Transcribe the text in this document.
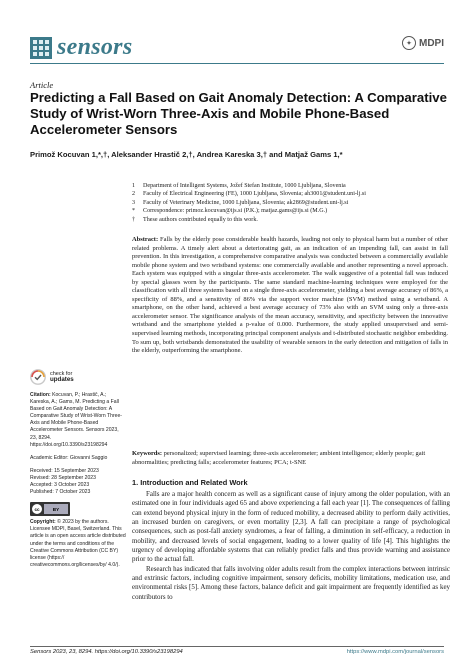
sensors	✦ MDPI
Article
Predicting a Fall Based on Gait Anomaly Detection: A Comparative Study of Wrist-Worn Three-Axis and Mobile Phone-Based Accelerometer Sensors
Primož Kocuvan 1,*,†, Aleksander Hrastič 2,†, Andrea Kareska 3,† and Matjaž Gams 1,*
1	Department of Intelligent Systems, Jožef Stefan Institute, 1000 Ljubljana, Slovenia
2	Faculty of Electrical Engineering (FE), 1000 Ljubljana, Slovenia; ah3001@student.uni-lj.si
3	Faculty of Veterinary Medicine, 1000 Ljubljana, Slovenia; ak2869@student.uni-lj.si
*	Correspondence: primoz.kocuvan@ijs.si (P.K.); matjaz.gams@ijs.si (M.G.)
†	These authors contributed equally to this work.
Abstract: Falls by the elderly pose considerable health hazards, leading not only to physical harm but a number of other related problems. A timely alert about a deteriorating gait, as an indication of an impending fall, can assist in fall prevention. In this investigation, a comprehensive comparative analysis was conducted between a commercially available mobile phone system and two wristband systems: one commercially available and another representing a novel approach. Each system was equipped with a singular three-axis accelerometer. The walk suggestive of a potential fall was induced by special glasses worn by the participants. The same standard machine-learning techniques were employed for the classification with all three systems based on a single three-axis accelerometer, yielding a best average accuracy of 86%, a specificity of 88%, and a sensitivity of 86% via the support vector machine (SVM) method using a wristband. A smartphone, on the other hand, achieved a best average accuracy of 73% also with an SVM using only a three-axis accelerometer sensor. The significance analysis of the mean accuracy, sensitivity, and specificity between the innovative wristband and the smartphone yielded a p-value of 0.000. Furthermore, the study applied unsupervised and semi-supervised learning methods, incorporating principal component analysis and t-distributed stochastic neighbor embedding. To sum up, both wristbands demonstrated the usability of wearable sensors in the early detection and mitigation of falls in the elderly, outperforming the smartphone.
Keywords: personalized; supervised learning; three-axis accelerometer; ambient intelligence; elderly people; gait abnormalities; predicting falls; accelerometer features; PCA; t-SNE
1. Introduction and Related Work

Falls are a major health concern as well as a significant cause of injury among the older population, with an estimated one in four individuals aged 65 and above experiencing a fall each year [1]. The consequences of falling can extend beyond physical injury in the form of reduced mobility, a decreased ability to perform daily activities, an increased burden on caregivers, or even mortality [2,3]. A fall can precipitate a range of psychological consequences, such as post-fall anxiety syndromes, a fear of falling, a diminution in self-efficacy, a reduction in mobility, and decreased levels of social engagement, leading to a lower quality of life [4]. This highlights the urgency of developing affordable systems that can reliably predict falls and thus provide warning and assistance prior to the actual fall.

Research has indicated that falls involving older adults result from the complex interactions between intrinsic and extrinsic factors, including cognitive impairment, sensory deficits, mobility limitations, medication use, and environmental risks [5]. Among these factors, balance deficit and gait impairment are frequently identified as key contributors to

check for
updates
Citation: Kocuvan, P.; Hrastič, A.; Kareska, A.; Gams, M. Predicting a Fall Based on Gait Anomaly Detection: A Comparative Study of Wrist-Worn Three-Axis and Mobile Phone-Based Accelerometer Sensors. Sensors 2023, 23, 8294. https://doi.org/10.3390/s23198294
Academic Editor: Giovanni Saggio
Received: 15 September 2023
Revised: 28 September 2023
Accepted: 3 October 2023
Published: 7 October 2023
cc	BY
Copyright: © 2023 by the authors. Licensee MDPI, Basel, Switzerland. This article is an open access article distributed under the terms and conditions of the Creative Commons Attribution (CC BY) license (https:// creativecommons.org/licenses/by/ 4.0/).
Sensors 2023, 23, 8294. https://doi.org/10.3390/s23198294	https://www.mdpi.com/journal/sensors
